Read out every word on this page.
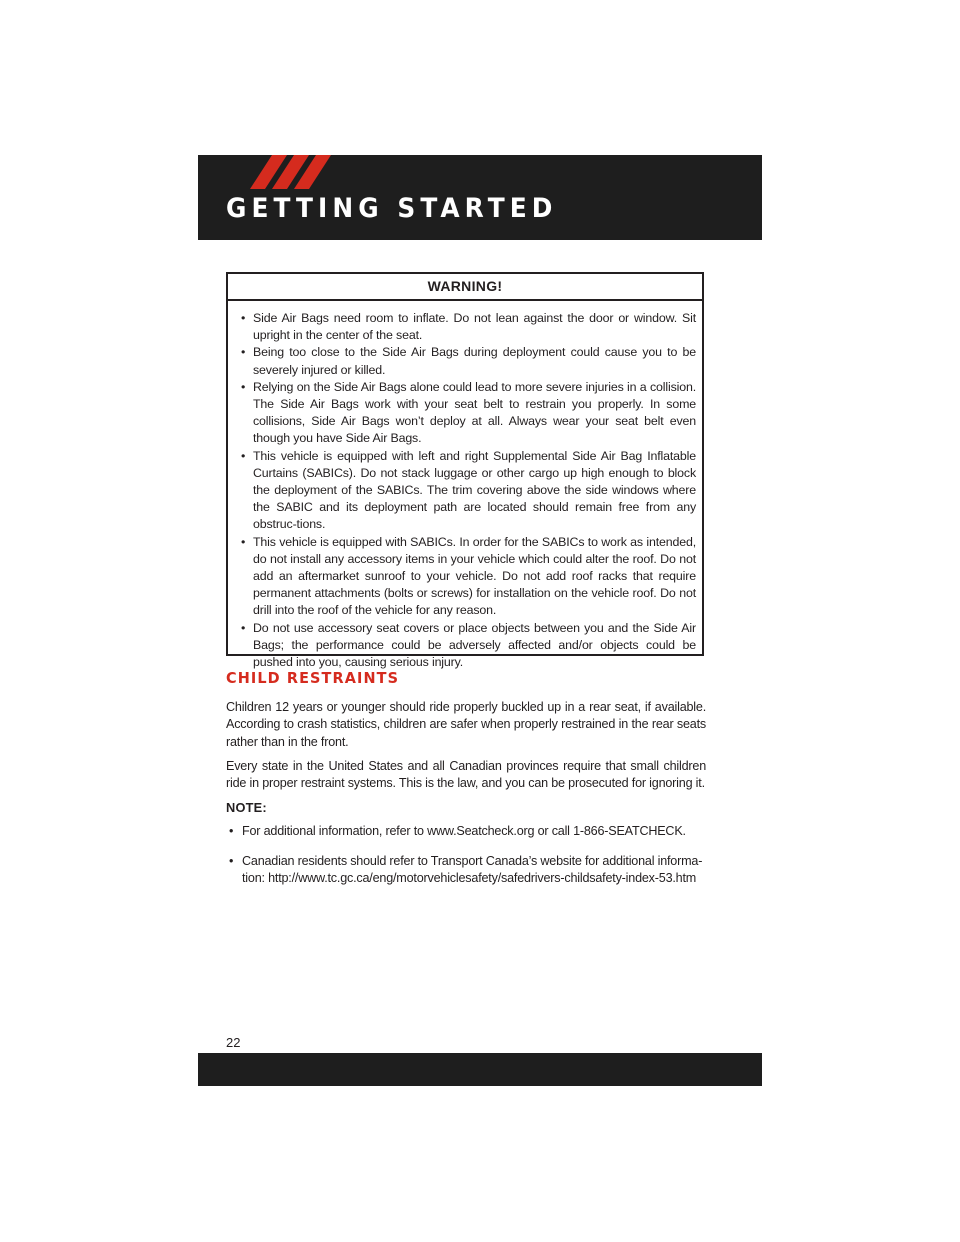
GETTING STARTED
WARNING!
• Side Air Bags need room to inflate. Do not lean against the door or window. Sit upright in the center of the seat.
• Being too close to the Side Air Bags during deployment could cause you to be severely injured or killed.
• Relying on the Side Air Bags alone could lead to more severe injuries in a collision. The Side Air Bags work with your seat belt to restrain you properly. In some collisions, Side Air Bags won’t deploy at all. Always wear your seat belt even though you have Side Air Bags.
• This vehicle is equipped with left and right Supplemental Side Air Bag Inflatable Curtains (SABICs). Do not stack luggage or other cargo up high enough to block the deployment of the SABICs. The trim covering above the side windows where the SABIC and its deployment path are located should remain free from any obstruc-tions.
• This vehicle is equipped with SABICs. In order for the SABICs to work as intended, do not install any accessory items in your vehicle which could alter the roof. Do not add an aftermarket sunroof to your vehicle. Do not add roof racks that require permanent attachments (bolts or screws) for installation on the vehicle roof. Do not drill into the roof of the vehicle for any reason.
• Do not use accessory seat covers or place objects between you and the Side Air Bags; the performance could be adversely affected and/or objects could be pushed into you, causing serious injury.
CHILD RESTRAINTS

Children 12 years or younger should ride properly buckled up in a rear seat, if available. According to crash statistics, children are safer when properly restrained in the rear seats rather than in the front.

Every state in the United States and all Canadian provinces require that small children ride in proper restraint systems. This is the law, and you can be prosecuted for ignoring it.

NOTE:
• For additional information, refer to www.Seatcheck.org or call 1-866-SEATCHECK.
• Canadian residents should refer to Transport Canada’s website for additional informa-tion: http://www.tc.gc.ca/eng/motorvehiclesafety/safedrivers-childsafety-index-53.htm
22
